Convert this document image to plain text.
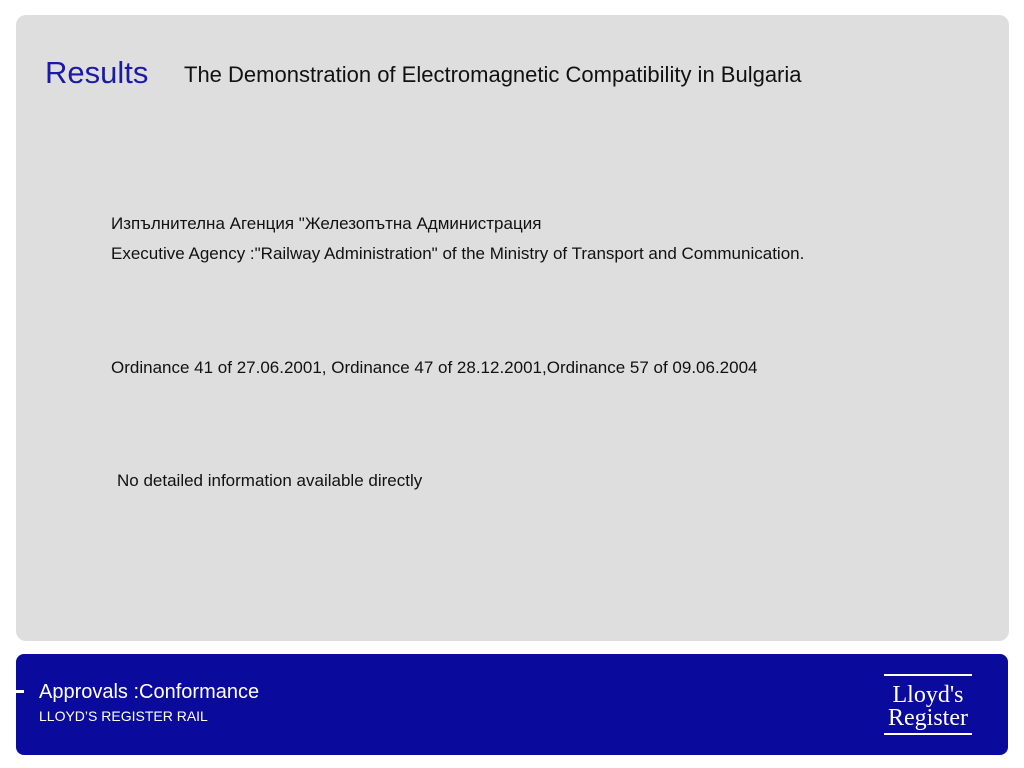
Results The Demonstration of Electromagnetic Compatibility in Bulgaria

Изпълнителна Агенция "Железопътна Администрация

Executive Agency :"Railway Administration" of the Ministry of Transport and Communication.

Ordinance 41 of 27.06.2001, Ordinance 47 of 28.12.2001,Ordinance 57 of 09.06.2004

No detailed information available directly

Approvals :Conformance
LLOYD’S REGISTER RAIL
Lloyd's
Register
